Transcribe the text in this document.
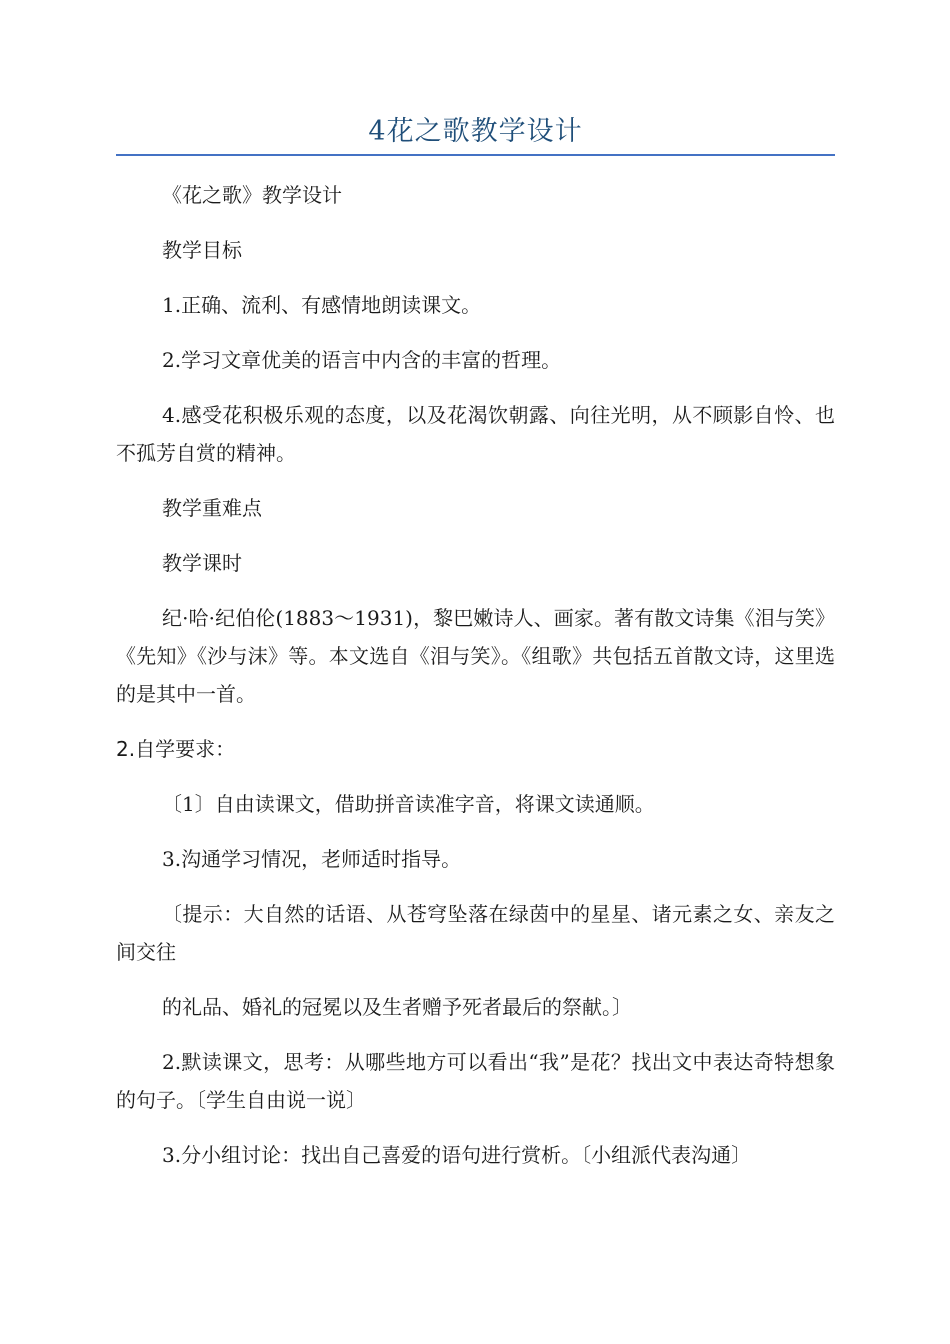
4花之歌教学设计

《花之歌》教学设计

教学目标

1.正确、流利、有感情地朗读课文。

2.学习文章优美的语言中内含的丰富的哲理。

4.感受花积极乐观的态度，以及花渴饮朝露、向往光明，从不顾影自怜、也不孤芳自赏的精神。

教学重难点

教学课时

纪·哈·纪伯伦(1883～1931)，黎巴嫩诗人、画家。著有散文诗集《泪与笑》《先知》《沙与沫》等。本文选自《泪与笑》。《组歌》共包括五首散文诗，这里选的是其中一首。

2.自学要求：

〔1〕自由读课文，借助拼音读准字音，将课文读通顺。

3.沟通学习情况，老师适时指导。

〔提示：大自然的话语、从苍穹坠落在绿茵中的星星、诸元素之女、亲友之间交往

的礼品、婚礼的冠冕以及生者赠予死者最后的祭献。〕

2.默读课文，思考：从哪些地方可以看出“我”是花？找出文中表达奇特想象的句子。〔学生自由说一说〕

3.分小组讨论：找出自己喜爱的语句进行赏析。〔小组派代表沟通〕
